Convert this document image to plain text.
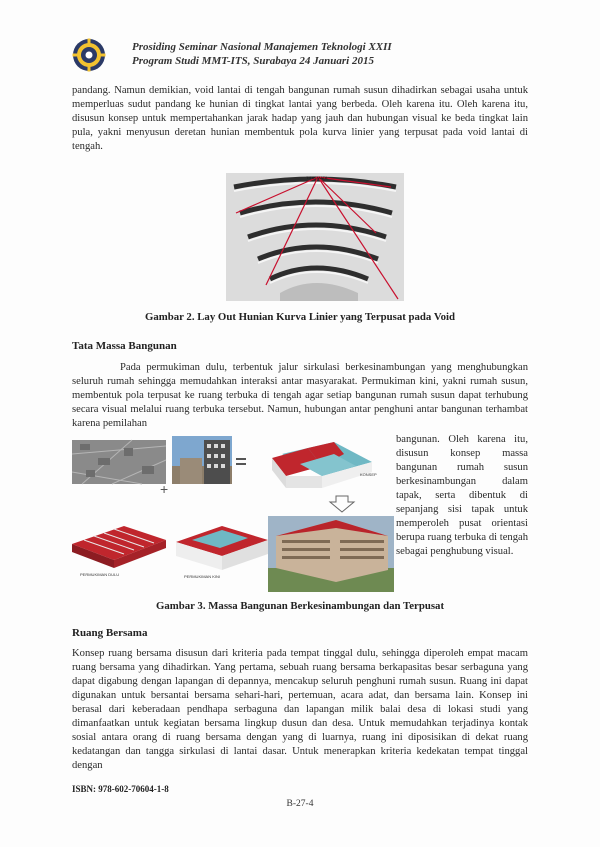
Prosiding Seminar Nasional Manajemen Teknologi XXII
Program Studi MMT-ITS, Surabaya 24 Januari 2015
pandang. Namun demikian, void lantai di tengah bangunan rumah susun dihadirkan sebagai usaha untuk memperluas sudut pandang ke hunian di tingkat lantai yang berbeda. Oleh karena itu. Oleh karena itu, disusun konsep untuk mempertahankan jarak hadap yang jauh dan hubungan visual ke beda tingkat lain pula, yakni menyusun deretan hunian membentuk pola kurva linier yang terpusat pada void lantai di tengah.
TITIK MATA
Gambar 2. Lay Out Hunian Kurva Linier yang Terpusat pada Void
Tata Massa Bangunan
Pada permukiman dulu, terbentuk jalur sirkulasi berkesinambungan yang menghubungkan seluruh rumah sehingga memudahkan interaksi antar masyarakat. Permukiman kini, yakni rumah susun, membentuk pola terpusat ke ruang terbuka di tengah agar setiap bangunan rumah susun dapat terhubung secara visual melalui ruang terbuka tersebut. Namun, hubungan antar penghuni antar bangunan terhambat karena pemilahan
+
KONSEP
PERMUKIMAN DULU	PERMUKIMAN KINI
bangunan. Oleh karena itu, disusun konsep massa bangunan rumah susun berkesinambungan dalam tapak, serta dibentuk di sepanjang sisi tapak untuk memperoleh pusat orientasi berupa ruang terbuka di tengah sebagai penghubung visual.
Gambar 3. Massa Bangunan Berkesinambungan dan Terpusat
Ruang Bersama
Konsep ruang bersama disusun dari kriteria pada tempat tinggal dulu, sehingga diperoleh empat macam ruang bersama yang dihadirkan. Yang pertama, sebuah ruang bersama berkapasitas besar serbaguna yang dapat digabung dengan lapangan di depannya, mencakup seluruh penghuni rumah susun. Ruang ini dapat digunakan untuk bersantai bersama sehari-hari, pertemuan, acara adat, dan bersama lain. Konsep ini berasal dari keberadaan pendhapa serbaguna dan lapangan milik balai desa di lokasi studi yang dimanfaatkan untuk kegiatan bersama lingkup dusun dan desa. Untuk memudahkan terjadinya kontak sosial antara orang di ruang bersama dengan yang di luarnya, ruang ini diposisikan di dekat ruang kedatangan dan tangga sirkulasi di lantai dasar. Untuk menerapkan kriteria kedekatan tempat tinggal dengan
ISBN: 978-602-70604-1-8
B-27-4
